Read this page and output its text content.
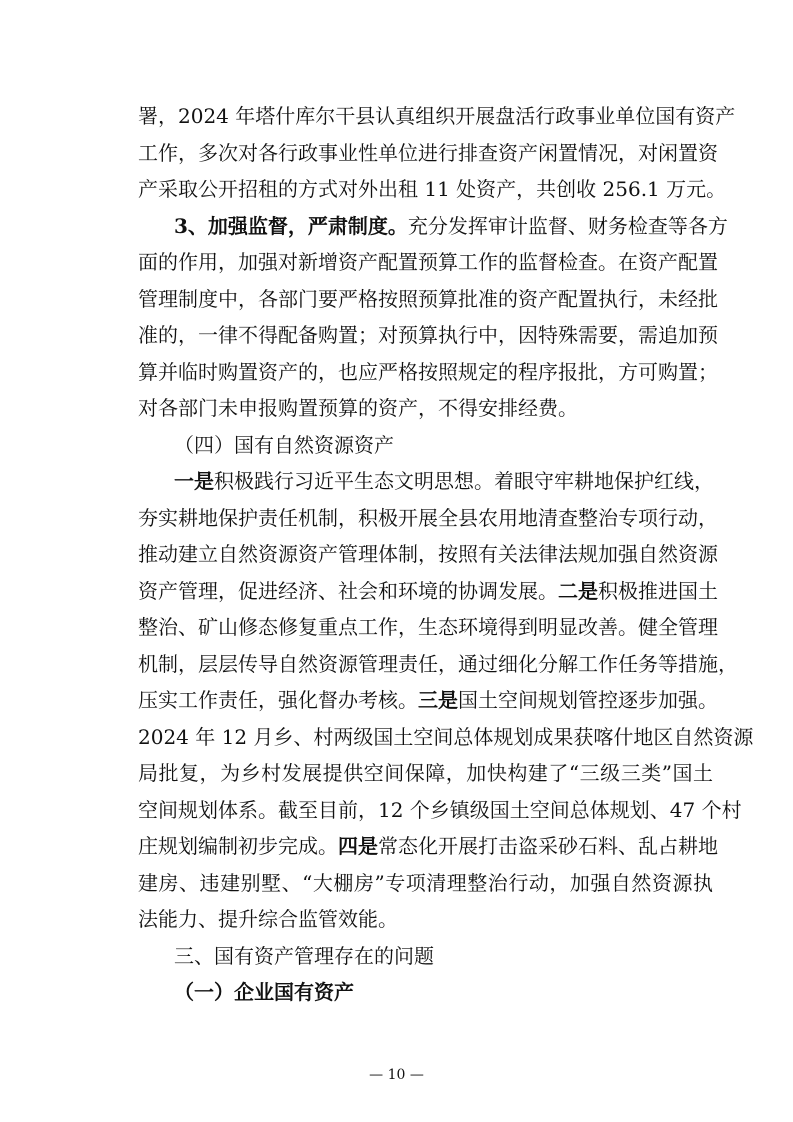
署，2024 年塔什库尔干县认真组织开展盘活行政事业单位国有资产
工作，多次对各行政事业性单位进行排查资产闲置情况，对闲置资
产采取公开招租的方式对外出租 11 处资产，共创收 256.1 万元。
3、加强监督，严肃制度。充分发挥审计监督、财务检查等各方
面的作用，加强对新增资产配置预算工作的监督检查。在资产配置
管理制度中，各部门要严格按照预算批准的资产配置执行，未经批
准的，一律不得配备购置；对预算执行中，因特殊需要，需追加预
算并临时购置资产的，也应严格按照规定的程序报批，方可购置；
对各部门未申报购置预算的资产，不得安排经费。
（四）国有自然资源资产
一是积极践行习近平生态文明思想。着眼守牢耕地保护红线，
夯实耕地保护责任机制，积极开展全县农用地清查整治专项行动，
推动建立自然资源资产管理体制，按照有关法律法规加强自然资源
资产管理，促进经济、社会和环境的协调发展。二是积极推进国土
整治、矿山修态修复重点工作，生态环境得到明显改善。健全管理
机制，层层传导自然资源管理责任，通过细化分解工作任务等措施，
压实工作责任，强化督办考核。三是国土空间规划管控逐步加强。
2024 年 12 月乡、村两级国土空间总体规划成果获喀什地区自然资源
局批复，为乡村发展提供空间保障，加快构建了“三级三类”国土
空间规划体系。截至目前，12 个乡镇级国土空间总体规划、47 个村
庄规划编制初步完成。四是常态化开展打击盗采砂石料、乱占耕地
建房、违建别墅、“大棚房”专项清理整治行动，加强自然资源执
法能力、提升综合监管效能。
三、国有资产管理存在的问题
（一）企业国有资产
— 10 —
